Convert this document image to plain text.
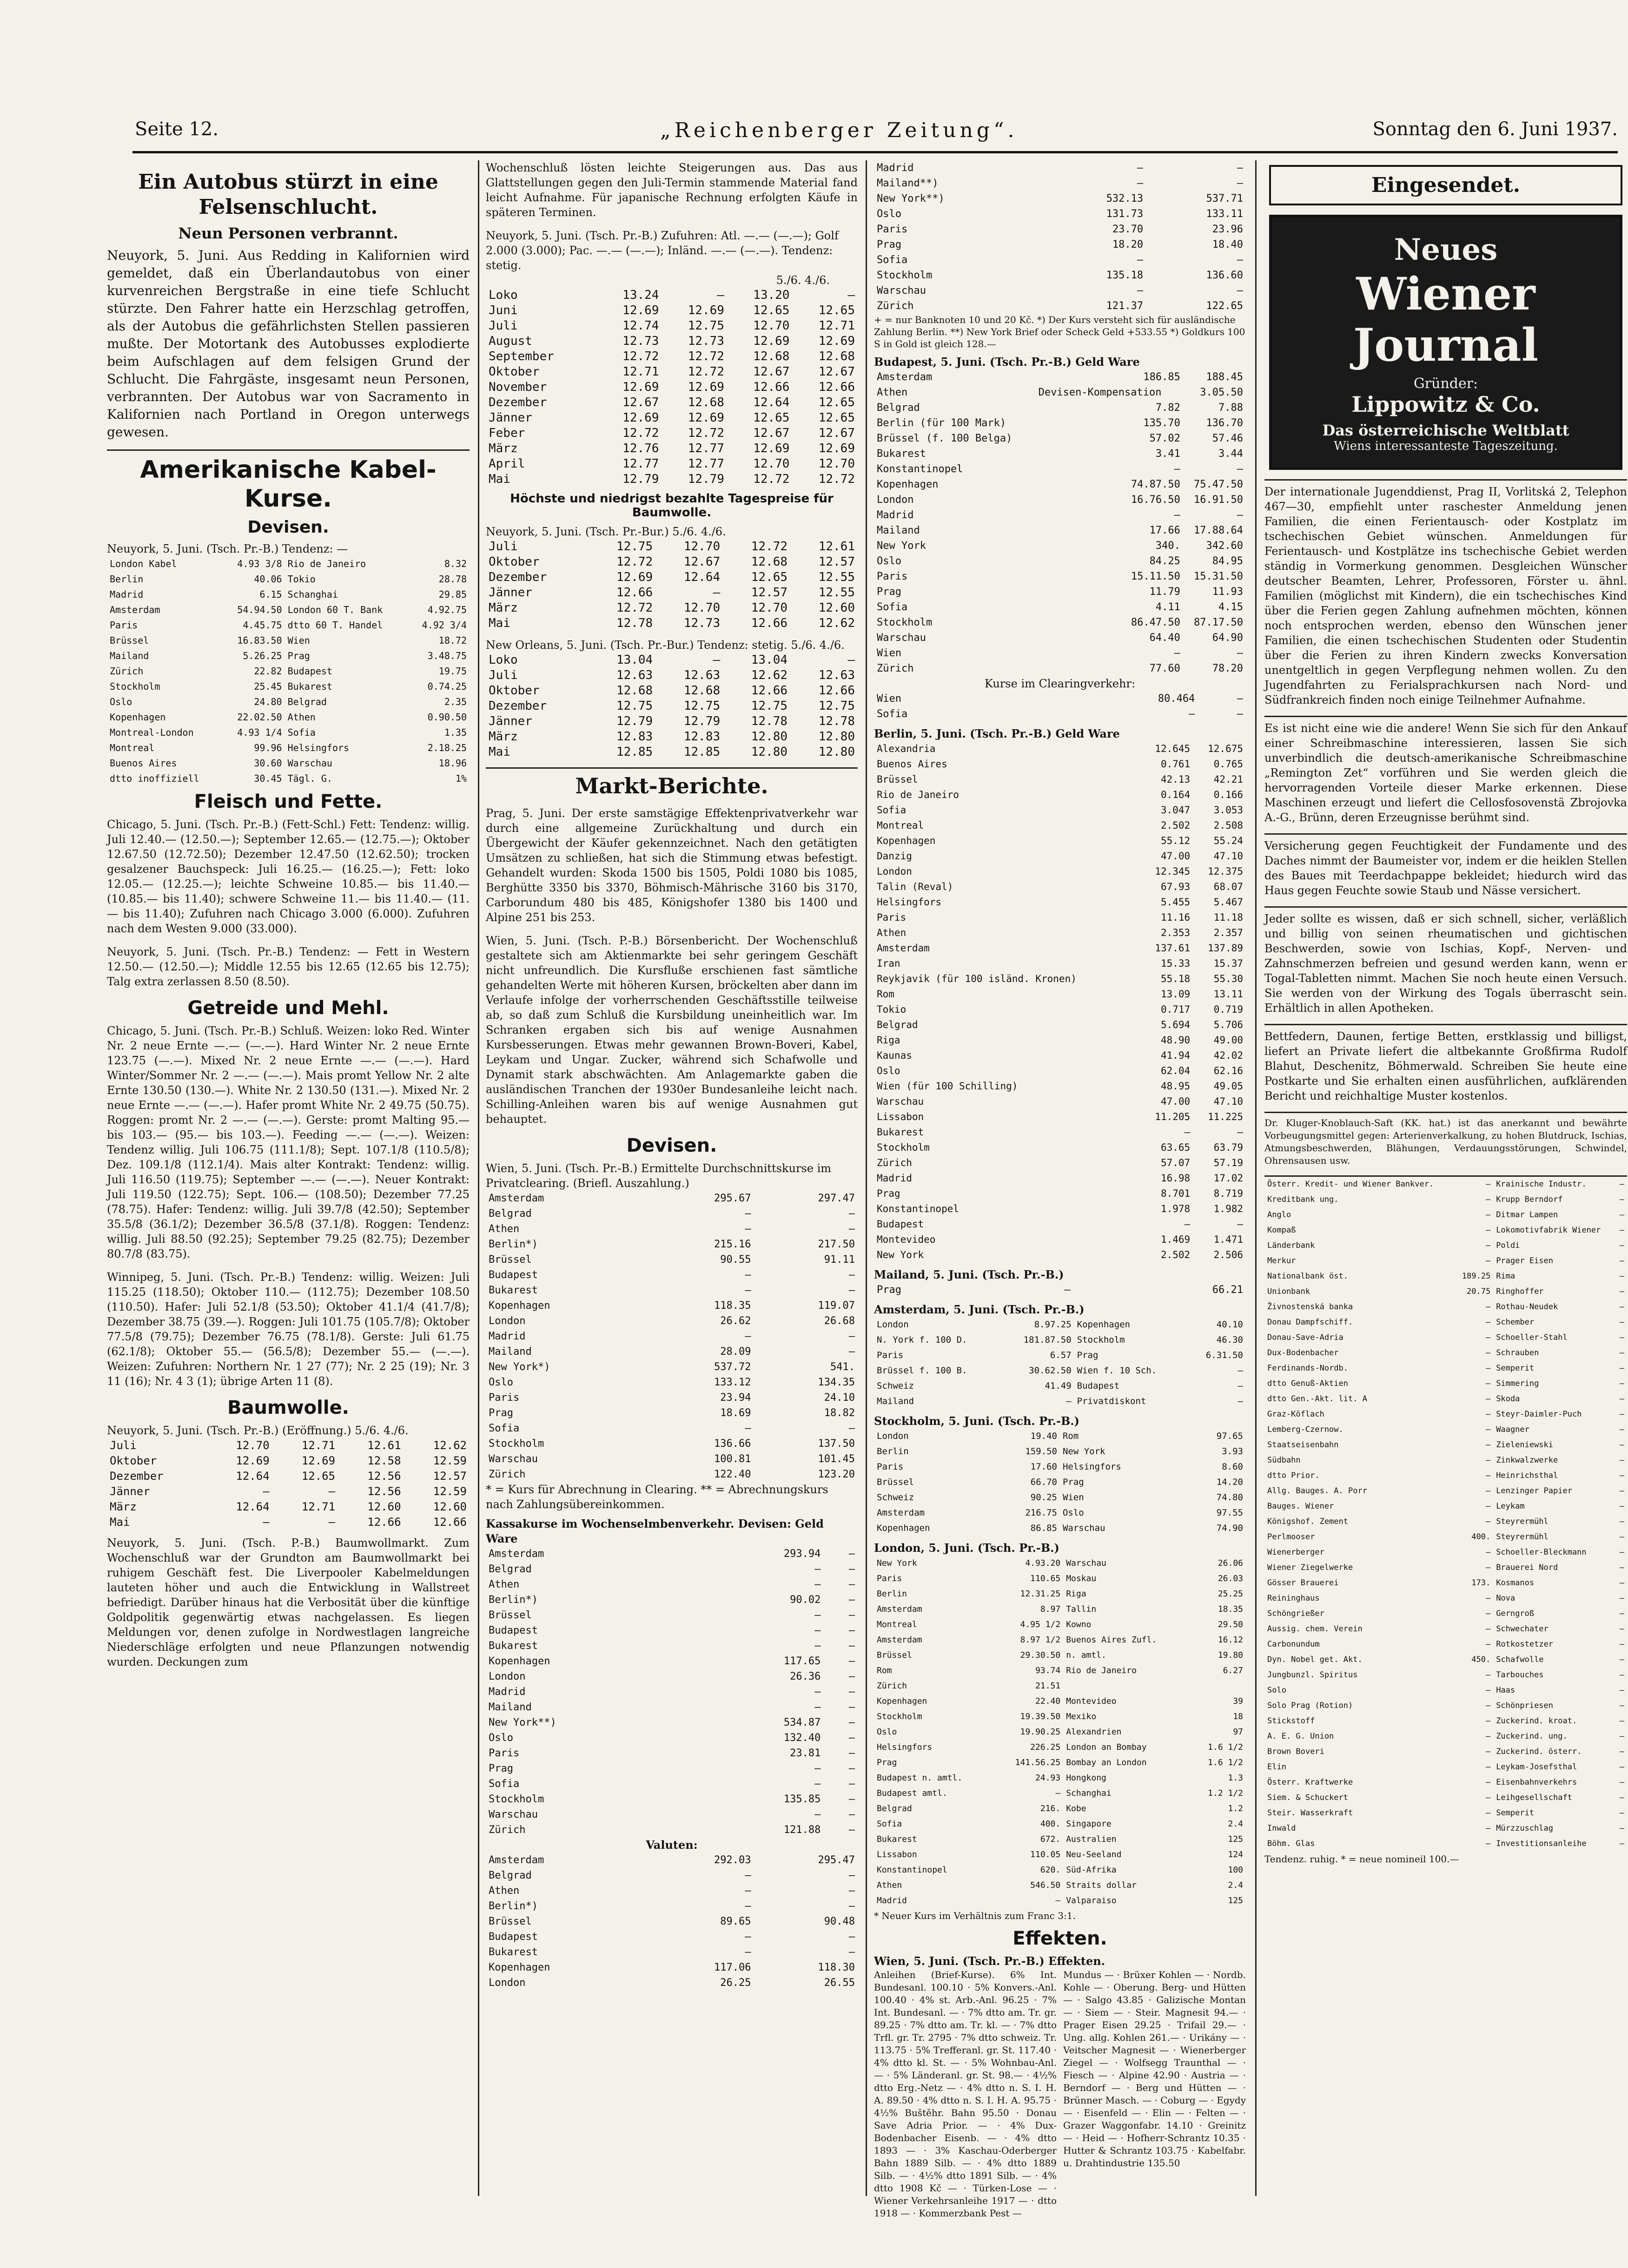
Seite 12.	„Reichenberger Zeitung“.	Sonntag den 6. Juni 1937.
Ein Autobus stürzt in eine Felsenschlucht.
Neun Personen verbrannt.
Neuyork, 5. Juni. Aus Redding in Kalifornien wird gemeldet, daß ein Überlandautobus von einer kurvenreichen Bergstraße in eine tiefe Schlucht stürzte. Den Fahrer hatte ein Herzschlag getroffen, als der Autobus die gefährlichsten Stellen passieren mußte. Der Motortank des Autobusses explodierte beim Aufschlagen auf dem felsigen Grund der Schlucht. Die Fahrgäste, insgesamt neun Personen, verbrannten. Der Autobus war von Sacramento in Kalifornien nach Portland in Oregon unterwegs gewesen.
Amerikanische Kabel-Kurse.
Devisen.
Neuyork, 5. Juni. (Tsch. Pr.-B.) Tendenz: —
London Kabel	4.93 3/8	Rio de Janeiro	8.32
Berlin	40.06	Tokio	28.78
Madrid	6.15	Schanghai	29.85
Amsterdam	54.94.50	London 60 T. Bank	4.92.75
Paris	4.45.75	dtto 60 T. Handel	4.92 3/4
Brüssel	16.83.50	Wien	18.72
Mailand	5.26.25	Prag	3.48.75
Zürich	22.82	Budapest	19.75
Stockholm	25.45	Bukarest	0.74.25
Oslo	24.80	Belgrad	2.35
Kopenhagen	22.02.50	Athen	0.90.50
Montreal-London	4.93 1/4	Sofia	1.35
Montreal	99.96	Helsingfors	2.18.25
Buenos Aires	30.60	Warschau	18.96
dtto inoffiziell	30.45	Tägl. G.	1%
Fleisch und Fette.
Chicago, 5. Juni. (Tsch. Pr.-B.) (Fett-Schl.) Fett: Tendenz: willig. Juli 12.40.— (12.50.—); September 12.65.— (12.75.—); Oktober 12.67.50 (12.72.50); Dezember 12.47.50 (12.62.50); trocken gesalzener Bauchspeck: Juli 16.25.— (16.25.—); Fett: loko 12.05.— (12.25.—); leichte Schweine 10.85.— bis 11.40.— (10.85.— bis 11.40); schwere Schweine 11.— bis 11.40.— (11.— bis 11.40); Zufuhren nach Chicago 3.000 (6.000). Zufuhren nach dem Westen 9.000 (33.000).
Neuyork, 5. Juni. (Tsch. Pr.-B.) Tendenz: — Fett in Western 12.50.— (12.50.—); Middle 12.55 bis 12.65 (12.65 bis 12.75); Talg extra zerlassen 8.50 (8.50).
Getreide und Mehl.
Chicago, 5. Juni. (Tsch. Pr.-B.) Schluß. Weizen: loko Red. Winter Nr. 2 neue Ernte —.— (—.—). Hard Winter Nr. 2 neue Ernte 123.75 (—.—). Mixed Nr. 2 neue Ernte —.— (—.—). Hard Winter/Sommer Nr. 2 —.— (—.—). Mais promt Yellow Nr. 2 alte Ernte 130.50 (130.—). White Nr. 2 130.50 (131.—). Mixed Nr. 2 neue Ernte —.— (—.—). Hafer promt White Nr. 2 49.75 (50.75). Roggen: promt Nr. 2 —.— (—.—). Gerste: promt Malting 95.— bis 103.— (95.— bis 103.—). Feeding —.— (—.—). Weizen: Tendenz willig. Juli 106.75 (111.1/8); Sept. 107.1/8 (110.5/8); Dez. 109.1/8 (112.1/4). Mais alter Kontrakt: Tendenz: willig. Juli 116.50 (119.75); September —.— (—.—). Neuer Kontrakt: Juli 119.50 (122.75); Sept. 106.— (108.50); Dezember 77.25 (78.75). Hafer: Tendenz: willig. Juli 39.7/8 (42.50); September 35.5/8 (36.1/2); Dezember 36.5/8 (37.1/8). Roggen: Tendenz: willig. Juli 88.50 (92.25); September 79.25 (82.75); Dezember 80.7/8 (83.75).
Winnipeg, 5. Juni. (Tsch. Pr.-B.) Tendenz: willig. Weizen: Juli 115.25 (118.50); Oktober 110.— (112.75); Dezember 108.50 (110.50). Hafer: Juli 52.1/8 (53.50); Oktober 41.1/4 (41.7/8); Dezember 38.75 (39.—). Roggen: Juli 101.75 (105.7/8); Oktober 77.5/8 (79.75); Dezember 76.75 (78.1/8). Gerste: Juli 61.75 (62.1/8); Oktober 55.— (56.5/8); Dezember 55.— (—.—). Weizen: Zufuhren: Northern Nr. 1 27 (77); Nr. 2 25 (19); Nr. 3 11 (16); Nr. 4 3 (1); übrige Arten 11 (8).
Baumwolle.
Neuyork, 5. Juni. (Tsch. Pr.-B.) (Eröffnung.) 5./6. 4./6.
Juli	12.70	12.71	12.61	12.62
Oktober	12.69	12.69	12.58	12.59
Dezember	12.64	12.65	12.56	12.57
Jänner	—	—	12.56	12.59
März	12.64	12.71	12.60	12.60
Mai	—	—	12.66	12.66
Neuyork, 5. Juni. (Tsch. P.-B.) Baumwollmarkt. Zum Wochenschluß war der Grundton am Baumwollmarkt bei ruhigem Geschäft fest. Die Liverpooler Kabelmeldungen lauteten höher und auch die Entwicklung in Wallstreet befriedigt. Darüber hinaus hat die Verbosität über die künftige Goldpolitik gegenwärtig etwas nachgelassen. Es liegen Meldungen vor, denen zufolge in Nordwestlagen langreiche Niederschläge erfolgten und neue Pflanzungen notwendig wurden. Deckungen zum
Wochenschluß lösten leichte Steigerungen aus. Das aus Glattstellungen gegen den Juli-Termin stammende Material fand leicht Aufnahme. Für japanische Rechnung erfolgten Käufe in späteren Terminen.
Neuyork, 5. Juni. (Tsch. Pr.-B.) Zufuhren: Atl. —.— (—.—); Golf 2.000 (3.000); Pac. —.— (—.—); Inländ. —.— (—.—). Tendenz: stetig.
5./6. 4./6.
Loko	13.24	—	13.20	—
Juni	12.69	12.69	12.65	12.65
Juli	12.74	12.75	12.70	12.71
August	12.73	12.73	12.69	12.69
September	12.72	12.72	12.68	12.68
Oktober	12.71	12.72	12.67	12.67
November	12.69	12.69	12.66	12.66
Dezember	12.67	12.68	12.64	12.65
Jänner	12.69	12.69	12.65	12.65
Feber	12.72	12.72	12.67	12.67
März	12.76	12.77	12.69	12.69
April	12.77	12.77	12.70	12.70
Mai	12.79	12.79	12.72	12.72
Höchste und niedrigst bezahlte Tagespreise für Baumwolle.
Neuyork, 5. Juni. (Tsch. Pr.-Bur.) 5./6. 4./6.
Juli	12.75	12.70	12.72	12.61
Oktober	12.72	12.67	12.68	12.57
Dezember	12.69	12.64	12.65	12.55
Jänner	12.66	—	12.57	12.55
März	12.72	12.70	12.70	12.60
Mai	12.78	12.73	12.66	12.62
New Orleans, 5. Juni. (Tsch. Pr.-Bur.) Tendenz: stetig. 5./6. 4./6.
Loko	13.04	—	13.04	—
Juli	12.63	12.63	12.62	12.63
Oktober	12.68	12.68	12.66	12.66
Dezember	12.75	12.75	12.75	12.75
Jänner	12.79	12.79	12.78	12.78
März	12.83	12.83	12.80	12.80
Mai	12.85	12.85	12.80	12.80
Markt-Berichte.
Prag, 5. Juni. Der erste samstägige Effektenprivatverkehr war durch eine allgemeine Zurückhaltung und durch ein Übergewicht der Käufer gekennzeichnet. Nach den getätigten Umsätzen zu schließen, hat sich die Stimmung etwas befestigt. Gehandelt wurden: Skoda 1500 bis 1505, Poldi 1080 bis 1085, Berghütte 3350 bis 3370, Böhmisch-Mährische 3160 bis 3170, Carborundum 480 bis 485, Königshofer 1380 bis 1400 und Alpine 251 bis 253.
Wien, 5. Juni. (Tsch. P.-B.) Börsenbericht. Der Wochenschluß gestaltete sich am Aktienmarkte bei sehr geringem Geschäft nicht unfreundlich. Die Kursfluße erschienen fast sämtliche gehandelten Werte mit höheren Kursen, bröckelten aber dann im Verlaufe infolge der vorherrschenden Geschäftsstille teilweise ab, so daß zum Schluß die Kursbildung uneinheitlich war. Im Schranken ergaben sich bis auf wenige Ausnahmen Kursbesserungen. Etwas mehr gewannen Brown-Boveri, Kabel, Leykam und Ungar. Zucker, während sich Schafwolle und Dynamit stark abschwächten. Am Anlagemarkte gaben die ausländischen Tranchen der 1930er Bundesanleihe leicht nach. Schilling-Anleihen waren bis auf wenige Ausnahmen gut behauptet.
Devisen.
Wien, 5. Juni. (Tsch. Pr.-B.) Ermittelte Durchschnittskurse im Privatclearing. (Briefl. Auszahlung.)
Amsterdam	295.67	297.47
Belgrad	—	—
Athen	—	—
Berlin*)	215.16	217.50
Brüssel	90.55	91.11
Budapest	—	—
Bukarest	—	—
Kopenhagen	118.35	119.07
London	26.62	26.68
Madrid	—	—
Mailand	28.09	—
New York*)	537.72	541.
Oslo	133.12	134.35
Paris	23.94	24.10
Prag	18.69	18.82
Sofia	—	—
Stockholm	136.66	137.50
Warschau	100.81	101.45
Zürich	122.40	123.20
* = Kurs für Abrechnung in Clearing. ** = Abrechnungskurs nach Zahlungsübereinkommen.
Kassakurse im Wochenselmbenverkehr. Devisen: Geld Ware
Amsterdam	293.94	—
Belgrad	—	—
Athen	—	—
Berlin*)	90.02	—
Brüssel	—	—
Budapest	—	—
Bukarest	—	—
Kopenhagen	117.65	—
London	26.36	—
Madrid	—	—
Mailand	—	—
New York**)	534.87	—
Oslo	132.40	—
Paris	23.81	—
Prag	—	—
Sofia	—	—
Stockholm	135.85	—
Warschau	—	—
Zürich	121.88	—
Valuten:
Amsterdam	292.03	295.47
Belgrad	—	—
Athen	—	—
Berlin*)	—	—
Brüssel	89.65	90.48
Budapest	—	—
Bukarest	—	—
Kopenhagen	117.06	118.30
London	26.25	26.55
Madrid	—	—
Mailand**)	—	—
New York**)	532.13	537.71
Oslo	131.73	133.11
Paris	23.70	23.96
Prag	18.20	18.40
Sofia	—	—
Stockholm	135.18	136.60
Warschau	—	—
Zürich	121.37	122.65
+ = nur Banknoten 10 und 20 Kč. *) Der Kurs versteht sich für ausländische Zahlung Berlin. **) New York Brief oder Scheck Geld +533.55 *) Goldkurs 100 S in Gold ist gleich 128.—
Budapest, 5. Juni. (Tsch. Pr.-B.) Geld Ware
Amsterdam	186.85	188.45
Athen	Devisen-Kompensation	3.05.50
Belgrad	7.82	7.88
Berlin (für 100 Mark)	135.70	136.70
Brüssel (f. 100 Belga)	57.02	57.46
Bukarest	3.41	3.44
Konstantinopel	—	—
Kopenhagen	74.87.50	75.47.50
London	16.76.50	16.91.50
Madrid	—	—
Mailand	17.66	17.88.64
New York	340.	342.60
Oslo	84.25	84.95
Paris	15.11.50	15.31.50
Prag	11.79	11.93
Sofia	4.11	4.15
Stockholm	86.47.50	87.17.50
Warschau	64.40	64.90
Wien	—	—
Zürich	77.60	78.20
Kurse im Clearingverkehr:
Wien	80.464	—
Sofia	—	—
Berlin, 5. Juni. (Tsch. Pr.-B.) Geld Ware
Alexandria	12.645	12.675
Buenos Aires	0.761	0.765
Brüssel	42.13	42.21
Rio de Janeiro	0.164	0.166
Sofia	3.047	3.053
Montreal	2.502	2.508
Kopenhagen	55.12	55.24
Danzig	47.00	47.10
London	12.345	12.375
Talin (Reval)	67.93	68.07
Helsingfors	5.455	5.467
Paris	11.16	11.18
Athen	2.353	2.357
Amsterdam	137.61	137.89
Iran	15.33	15.37
Reykjavik (für 100 isländ. Kronen)	55.18	55.30
Rom	13.09	13.11
Tokio	0.717	0.719
Belgrad	5.694	5.706
Riga	48.90	49.00
Kaunas	41.94	42.02
Oslo	62.04	62.16
Wien (für 100 Schilling)	48.95	49.05
Warschau	47.00	47.10
Lissabon	11.205	11.225
Bukarest	—	—
Stockholm	63.65	63.79
Zürich	57.07	57.19
Madrid	16.98	17.02
Prag	8.701	8.719
Konstantinopel	1.978	1.982
Budapest	—	—
Montevideo	1.469	1.471
New York	2.502	2.506
Mailand, 5. Juni. (Tsch. Pr.-B.)
Prag	—	66.21
Amsterdam, 5. Juni. (Tsch. Pr.-B.)
London	8.97.25	Kopenhagen	40.10
N. York f. 100 D.	181.87.50	Stockholm	46.30
Paris	6.57	Prag	6.31.50
Brüssel f. 100 B.	30.62.50	Wien f. 10 Sch.	—
Schweiz	41.49	Budapest	—
Mailand	—	Privatdiskont	—
Stockholm, 5. Juni. (Tsch. Pr.-B.)
London	19.40	Rom	97.65
Berlin	159.50	New York	3.93
Paris	17.60	Helsingfors	8.60
Brüssel	66.70	Prag	14.20
Schweiz	90.25	Wien	74.80
Amsterdam	216.75	Oslo	97.55
Kopenhagen	86.85	Warschau	74.90
London, 5. Juni. (Tsch. Pr.-B.)
New York	4.93.20	Warschau	26.06
Paris	110.65	Moskau	26.03
Berlin	12.31.25	Riga	25.25
Amsterdam	8.97	Tallin	18.35
Montreal	4.95 1/2	Kowno	29.50
Amsterdam	8.97 1/2	Buenos Aires Zufl.	16.12
Brüssel	29.30.50	n. amtl.	19.80
Rom	93.74	Rio de Janeiro	6.27
Zürich	21.51		
Kopenhagen	22.40	Montevideo	39
Stockholm	19.39.50	Mexiko	18
Oslo	19.90.25	Alexandrien	97
Helsingfors	226.25	London an Bombay	1.6 1/2
Prag	141.56.25	Bombay an London	1.6 1/2
Budapest n. amtl.	24.93	Hongkong	1.3
Budapest amtl.	—	Schanghai	1.2 1/2
Belgrad	216.	Kobe	1.2
Sofia	400.	Singapore	2.4
Bukarest	672.	Australien	125
Lissabon	110.05	Neu-Seeland	124
Konstantinopel	620.	Süd-Afrika	100
Athen	546.50	Straits dollar	2.4
Madrid	—	Valparaiso	125
* Neuer Kurs im Verhältnis zum Franc 3:1.
Effekten.
Wien, 5. Juni. (Tsch. Pr.-B.) Effekten.
Anleihen (Brief-Kurse). 6% Int. Bundesanl. 100.10 · 5% Konvers.-Anl. 100.40 · 4% st. Arb.-Anl. 96.25 · 7% Int. Bundesanl. — · 7% dtto am. Tr. gr. 89.25 · 7% dtto am. Tr. kl. — · 7% dtto Trfl. gr. Tr. 2795 · 7% dtto schweiz. Tr. 113.75 · 5% Trefferanl. gr. St. 117.40 · 4% dtto kl. St. — · 5% Wohnbau-Anl. — · 5% Länderanl. gr. St. 98.— · 4½% dtto Erg.-Netz — · 4% dtto n. S. I. H. A. 89.50 · 4% dtto n. S. I. H. A. 95.75 · 4½% Buštěhr. Bahn 95.50 · Donau Save Adria Prior. — · 4% Dux-Bodenbacher Eisenb. — · 4% dtto 1893 — · 3% Kaschau-Oderberger Bahn 1889 Silb. — · 4% dtto 1889 Silb. — · 4½% dtto 1891 Silb. — · 4% dtto 1908 Kč — · Türken-Lose — · Wiener Verkehrsanleihe 1917 — · dtto 1918 — · Kommerzbank Pest —
Mundus — · Brüxer Kohlen — · Nordb. Kohle — · Oberung. Berg- und Hütten — · Salgo 43.85 · Galizische Montan — · Siem — · Steir. Magnesit 94.— · Prager Eisen 29.25 · Trifail 29.— · Ung. allg. Kohlen 261.— · Urikány — · Veitscher Magnesit — · Wienerberger Ziegel — · Wolfsegg Traunthal — · Fiesch — · Alpine 42.90 · Austria — · Berndorf — · Berg und Hütten — · Brünner Masch. — · Coburg — · Egydy — · Eisenfeld — · Elin — · Felten — · Grazer Waggonfabr. 14.10 · Greinitz — · Heid — · Hofherr-Schrantz 10.35 · Hutter & Schrantz 103.75 · Kabelfabr. u. Drahtindustrie 135.50
Eingesendet.
Neues
Wiener Journal
Gründer:
Lippowitz & Co.
Das österreichische Weltblatt
Wiens interessanteste Tageszeitung.
Der internationale Jugenddienst, Prag II, Vorlitská 2, Telephon 467—30, empfiehlt unter raschester Anmeldung jenen Familien, die einen Ferientausch- oder Kostplatz im tschechischen Gebiet wünschen. Anmeldungen für Ferientausch- und Kostplätze ins tschechische Gebiet werden ständig in Vormerkung genommen. Desgleichen Wünscher deutscher Beamten, Lehrer, Professoren, Förster u. ähnl. Familien (möglichst mit Kindern), die ein tschechisches Kind über die Ferien gegen Zahlung aufnehmen möchten, können noch entsprochen werden, ebenso den Wünschen jener Familien, die einen tschechischen Studenten oder Studentin über die Ferien zu ihren Kindern zwecks Konversation unentgeltlich in gegen Verpflegung nehmen wollen. Zu den Jugendfahrten zu Ferialsprachkursen nach Nord- und Südfrankreich finden noch einige Teilnehmer Aufnahme.
Es ist nicht eine wie die andere! Wenn Sie sich für den Ankauf einer Schreibmaschine interessieren, lassen Sie sich unverbindlich die deutsch-amerikanische Schreibmaschine „Remington Zet“ vorführen und Sie werden gleich die hervorragenden Vorteile dieser Marke erkennen. Diese Maschinen erzeugt und liefert die Cellosfosovenstä Zbrojovka A.-G., Brünn, deren Erzeugnisse berühmt sind.
Versicherung gegen Feuchtigkeit der Fundamente und des Daches nimmt der Baumeister vor, indem er die heiklen Stellen des Baues mit Teerdachpappe bekleidet; hiedurch wird das Haus gegen Feuchte sowie Staub und Nässe versichert.
Jeder sollte es wissen, daß er sich schnell, sicher, verläßlich und billig von seinen rheumatischen und gichtischen Beschwerden, sowie von Ischias, Kopf-, Nerven- und Zahnschmerzen befreien und gesund werden kann, wenn er Togal-Tabletten nimmt. Machen Sie noch heute einen Versuch. Sie werden von der Wirkung des Togals überrascht sein. Erhältlich in allen Apotheken.
Bettfedern, Daunen, fertige Betten, erstklassig und billigst, liefert an Private liefert die altbekannte Großfirma Rudolf Blahut, Deschenitz, Böhmerwald. Schreiben Sie heute eine Postkarte und Sie erhalten einen ausführlichen, aufklärenden Bericht und reichhaltige Muster kostenlos.
Dr. Kluger-Knoblauch-Saft (KK. hat.) ist das anerkannt und bewährte Vorbeugungsmittel gegen: Arterienverkalkung, zu hohen Blutdruck, Ischias, Atmungsbeschwerden, Blähungen, Verdauungsstörungen, Schwindel, Ohrensausen usw.
Österr. Kredit- und Wiener Bankver.	—	Krainische Industr.	—
Kreditbank ung.	—	Krupp Berndorf	—
Anglo	—	Ditmar Lampen	—
Kompaß	—	Lokomotivfabrik Wiener	—
Länderbank	—	Poldi	—
Merkur	—	Prager Eisen	—
Nationalbank öst.	189.25	Rima	—
Unionbank	20.75	Ringhoffer	—
Živnostenská banka	—	Rothau-Neudek	—
Donau Dampfschiff.	—	Schember	—
Donau-Save-Adria	—	Schoeller-Stahl	—
Dux-Bodenbacher	—	Schrauben	—
Ferdinands-Nordb.	—	Semperit	—
dtto Genuß-Aktien	—	Simmering	—
dtto Gen.-Akt. lit. A	—	Skoda	—
Graz-Köflach	—	Steyr-Daimler-Puch	—
Lemberg-Czernow.	—	Waagner	—
Staatseisenbahn	—	Zieleniewski	—
Südbahn	—	Zinkwalzwerke	—
dtto Prior.	—	Heinrichsthal	—
Allg. Bauges. A. Porr	—	Lenzinger Papier	—
Bauges. Wiener	—	Leykam	—
Königshof. Zement	—	Steyrermühl	—
Perlmooser	400.	Steyrermühl	—
Wienerberger	—	Schoeller-Bleckmann	—
Wiener Ziegelwerke	—	Brauerei Nord	—
Gösser Brauerei	173.	Kosmanos	—
Reininghaus	—	Nova	—
Schöngrießer	—	Gerngroß	—
Aussig. chem. Verein	—	Schwechater	—
Carbonundum	—	Rotkostetzer	—
Dyn. Nobel get. Akt.	450.	Schafwolle	—
Jungbunzl. Spiritus	—	Tarbouches	—
Solo	—	Haas	—
Solo Prag (Rotion)	—	Schönpriesen	—
Stickstoff	—	Zuckerind. kroat.	—
A. E. G. Union	—	Zuckerind. ung.	—
Brown Boveri	—	Zuckerind. österr.	—
Elin	—	Leykam-Josefsthal	—
Österr. Kraftwerke	—	Eisenbahnverkehrs	—
Siem. & Schuckert	—	Leihgesellschaft	—
Steir. Wasserkraft	—	Semperit	—
Inwald	—	Mürzzuschlag	—
Böhm. Glas	—	Investitionsanleihe	—
Tendenz. ruhig. * = neue nomineil 100.—
